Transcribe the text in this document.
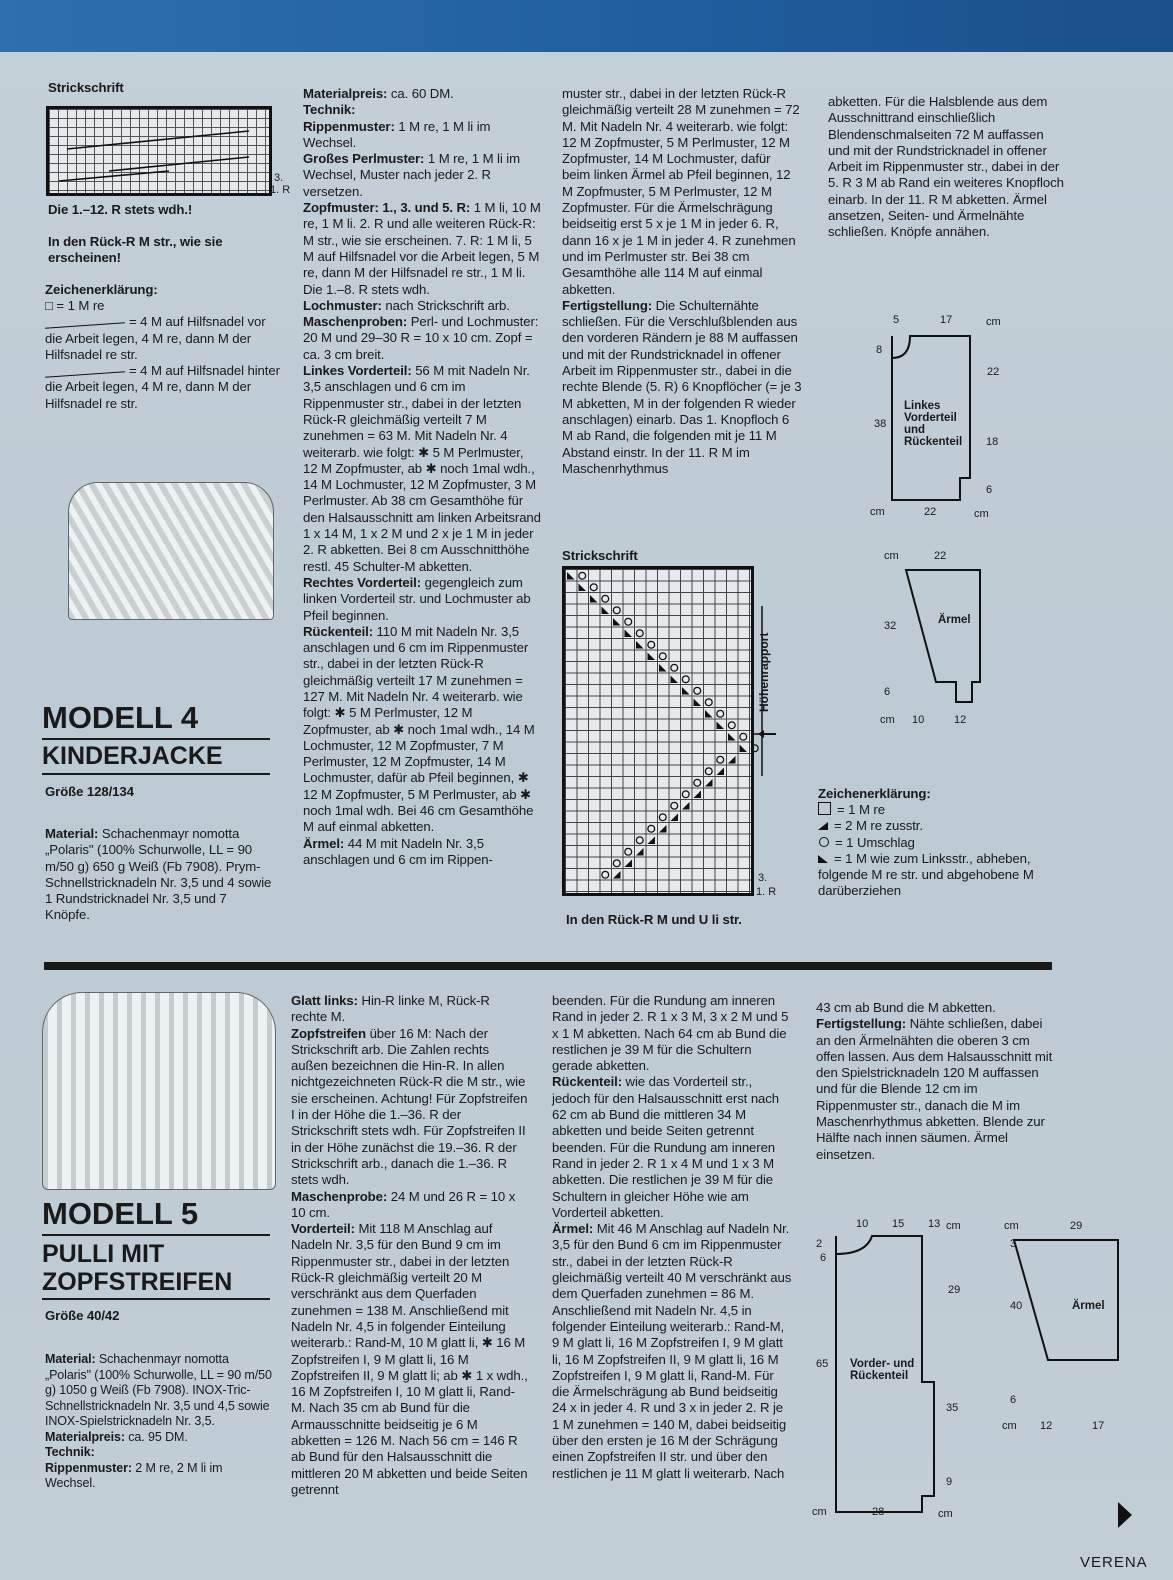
Strickschrift
3.
1. R
Die 1.–12. R stets wdh.!
In den Rück-R M str., wie sie erscheinen!
Zeichenerklärung:

□ = 1 M re

= 4 M auf Hilfsnadel vor die Arbeit legen, 4 M re, dann M der Hilfsnadel re str.

= 4 M auf Hilfsnadel hinter die Arbeit legen, 4 M re, dann M der Hilfsnadel re str.

MODELL 4
KINDERJACKE
Größe 128/134
Material: Schachenmayr nomotta „Polaris" (100% Schurwolle, LL = 90 m/50 g) 650 g Weiß (Fb 7908). Prym-Schnellstricknadeln Nr. 3,5 und 4 sowie 1 Rundstricknadel Nr. 3,5 und 7 Knöpfe.

Materialpreis: ca. 60 DM.

Technik:

Rippenmuster: 1 M re, 1 M li im Wechsel.

Großes Perlmuster: 1 M re, 1 M li im Wechsel, Muster nach jeder 2. R versetzen.

Zopfmuster: 1., 3. und 5. R: 1 M li, 10 M re, 1 M li. 2. R und alle weiteren Rück-R: M str., wie sie erscheinen. 7. R: 1 M li, 5 M auf Hilfsnadel vor die Arbeit legen, 5 M re, dann M der Hilfsnadel re str., 1 M li. Die 1.–8. R stets wdh.

Lochmuster: nach Strickschrift arb.

Maschenproben: Perl- und Lochmuster: 20 M und 29–30 R = 10 x 10 cm. Zopf = ca. 3 cm breit.

Linkes Vorderteil: 56 M mit Nadeln Nr. 3,5 anschlagen und 6 cm im Rippenmuster str., dabei in der letzten Rück-R gleichmäßig verteilt 7 M zunehmen = 63 M. Mit Nadeln Nr. 4 weiterarb. wie folgt: ✱ 5 M Perlmuster, 12 M Zopfmuster, ab ✱ noch 1mal wdh., 14 M Lochmuster, 12 M Zopfmuster, 3 M Perlmuster. Ab 38 cm Gesamthöhe für den Halsausschnitt am linken Arbeitsrand 1 x 14 M, 1 x 2 M und 2 x je 1 M in jeder 2. R abketten. Bei 8 cm Ausschnitthöhe restl. 45 Schulter-M abketten.

Rechtes Vorderteil: gegengleich zum linken Vorderteil str. und Lochmuster ab Pfeil beginnen.

Rückenteil: 110 M mit Nadeln Nr. 3,5 anschlagen und 6 cm im Rippenmuster str., dabei in der letzten Rück-R gleichmäßig verteilt 17 M zunehmen = 127 M. Mit Nadeln Nr. 4 weiterarb. wie folgt: ✱ 5 M Perlmuster, 12 M Zopfmuster, ab ✱ noch 1mal wdh., 14 M Lochmuster, 12 M Zopfmuster, 7 M Perlmuster, 12 M Zopfmuster, 14 M Lochmuster, dafür ab Pfeil beginnen, ✱ 12 M Zopfmuster, 5 M Perlmuster, ab ✱ noch 1mal wdh. Bei 46 cm Gesamthöhe M auf einmal abketten.

Ärmel: 44 M mit Nadeln Nr. 3,5 anschlagen und 6 cm im Rippen-

muster str., dabei in der letzten Rück-R gleichmäßig verteilt 28 M zunehmen = 72 M. Mit Nadeln Nr. 4 weiterarb. wie folgt: 12 M Zopfmuster, 5 M Perlmuster, 12 M Zopfmuster, 14 M Lochmuster, dafür beim linken Ärmel ab Pfeil beginnen, 12 M Zopfmuster, 5 M Perlmuster, 12 M Zopfmuster. Für die Ärmelschrägung beidseitig erst 5 x je 1 M in jeder 6. R, dann 16 x je 1 M in jeder 4. R zunehmen und im Perlmuster str. Bei 38 cm Gesamthöhe alle 114 M auf einmal abketten.

Fertigstellung: Die Schulternähte schließen. Für die Verschlußblenden aus den vorderen Rändern je 88 M auffassen und mit der Rundstricknadel in offener Arbeit im Rippenmuster str., dabei in die rechte Blende (5. R) 6 Knopflöcher (= je 3 M abketten, M in der folgenden R wieder anschlagen) einarb. Das 1. Knopfloch 6 M ab Rand, die folgenden mit je 11 M Abstand einstr. In der 11. R M im Maschenrhythmus

abketten. Für die Halsblende aus dem Ausschnittrand einschließlich Blendenschmalseiten 72 M auffassen und mit der Rundstricknadel in offener Arbeit im Rippenmuster str., dabei in der 5. R 3 M ab Rand ein weiteres Knopfloch einarb. In der 11. R M abketten. Ärmel ansetzen, Seiten- und Ärmelnähte schließen. Knöpfe annähen.
Strickschrift
Höhenrapport
3.
1. R
In den Rück-R M und U li str.
5	17	cm
8
22
38
18
6
cm	22	cm
Linkes Vorderteil und Rückenteil
cm	22
32
6
cm 10	12
Ärmel
Zeichenerklärung:

= 1 M re

= 2 M re zusstr.

= 1 Umschlag

= 1 M wie zum Linksstr., abheben, folgende M re str. und abgehobene M darüberziehen

MODELL 5
PULLI MIT
ZOPFSTREIFEN
Größe 40/42

Material: Schachenmayr nomotta „Polaris" (100% Schurwolle, LL = 90 m/50 g) 1050 g Weiß (Fb 7908). INOX-Tric-Schnellstricknadeln Nr. 3,5 und 4,5 sowie INOX-Spielstricknadeln Nr. 3,5.

Materialpreis: ca. 95 DM.

Technik:

Rippenmuster: 2 M re, 2 M li im Wechsel.

Glatt links: Hin-R linke M, Rück-R rechte M.

Zopfstreifen über 16 M: Nach der Strickschrift arb. Die Zahlen rechts außen bezeichnen die Hin-R. In allen nichtgezeichneten Rück-R die M str., wie sie erscheinen. Achtung! Für Zopfstreifen I in der Höhe die 1.–36. R der Strickschrift stets wdh. Für Zopfstreifen II in der Höhe zunächst die 19.–36. R der Strickschrift arb., danach die 1.–36. R stets wdh.

Maschenprobe: 24 M und 26 R = 10 x 10 cm.

Vorderteil: Mit 118 M Anschlag auf Nadeln Nr. 3,5 für den Bund 9 cm im Rippenmuster str., dabei in der letzten Rück-R gleichmäßig verteilt 20 M verschränkt aus dem Querfaden zunehmen = 138 M. Anschließend mit Nadeln Nr. 4,5 in folgender Einteilung weiterarb.: Rand-M, 10 M glatt li, ✱ 16 M Zopfstreifen I, 9 M glatt li, 16 M Zopfstreifen II, 9 M glatt li; ab ✱ 1 x wdh., 16 M Zopfstreifen I, 10 M glatt li, Rand-M. Nach 35 cm ab Bund für die Armausschnitte beidseitig je 6 M abketten = 126 M. Nach 56 cm = 146 R ab Bund für den Halsausschnitt die mittleren 20 M abketten und beide Seiten getrennt

beenden. Für die Rundung am inneren Rand in jeder 2. R 1 x 3 M, 3 x 2 M und 5 x 1 M abketten. Nach 64 cm ab Bund die restlichen je 39 M für die Schultern gerade abketten.

Rückenteil: wie das Vorderteil str., jedoch für den Halsausschnitt erst nach 62 cm ab Bund die mittleren 34 M abketten und beide Seiten getrennt beenden. Für die Rundung am inneren Rand in jeder 2. R 1 x 4 M und 1 x 3 M abketten. Die restlichen je 39 M für die Schultern in gleicher Höhe wie am Vorderteil abketten.

Ärmel: Mit 46 M Anschlag auf Nadeln Nr. 3,5 für den Bund 6 cm im Rippenmuster str., dabei in der letzten Rück-R gleichmäßig verteilt 40 M verschränkt aus dem Querfaden zunehmen = 86 M. Anschließend mit Nadeln Nr. 4,5 in folgender Einteilung weiterarb.: Rand-M, 9 M glatt li, 16 M Zopfstreifen I, 9 M glatt li, 16 M Zopfstreifen II, 9 M glatt li, 16 M Zopfstreifen I, 9 M glatt li, Rand-M. Für die Ärmelschrägung ab Bund beidseitig 24 x in jeder 4. R und 3 x in jeder 2. R je 1 M zunehmen = 140 M, dabei beidseitig über den ersten je 16 M der Schrägung einen Zopfstreifen II str. und über den restlichen je 11 M glatt li weiterarb. Nach

43 cm ab Bund die M abketten.

Fertigstellung: Nähte schließen, dabei an den Ärmelnähten die oberen 3 cm offen lassen. Aus dem Halsausschnitt mit den Spielstricknadeln 120 M auffassen und für die Blende 12 cm im Rippenmuster str., danach die M im Maschenrhythmus abketten. Blende zur Hälfte nach innen säumen. Ärmel einsetzen.

10 15 13 cm
2
6
29
65
35
9
cm	28	cm
Vorder- und Rückenteil
cm	29
3
40
6
cm 12	17
Ärmel
VERENA
